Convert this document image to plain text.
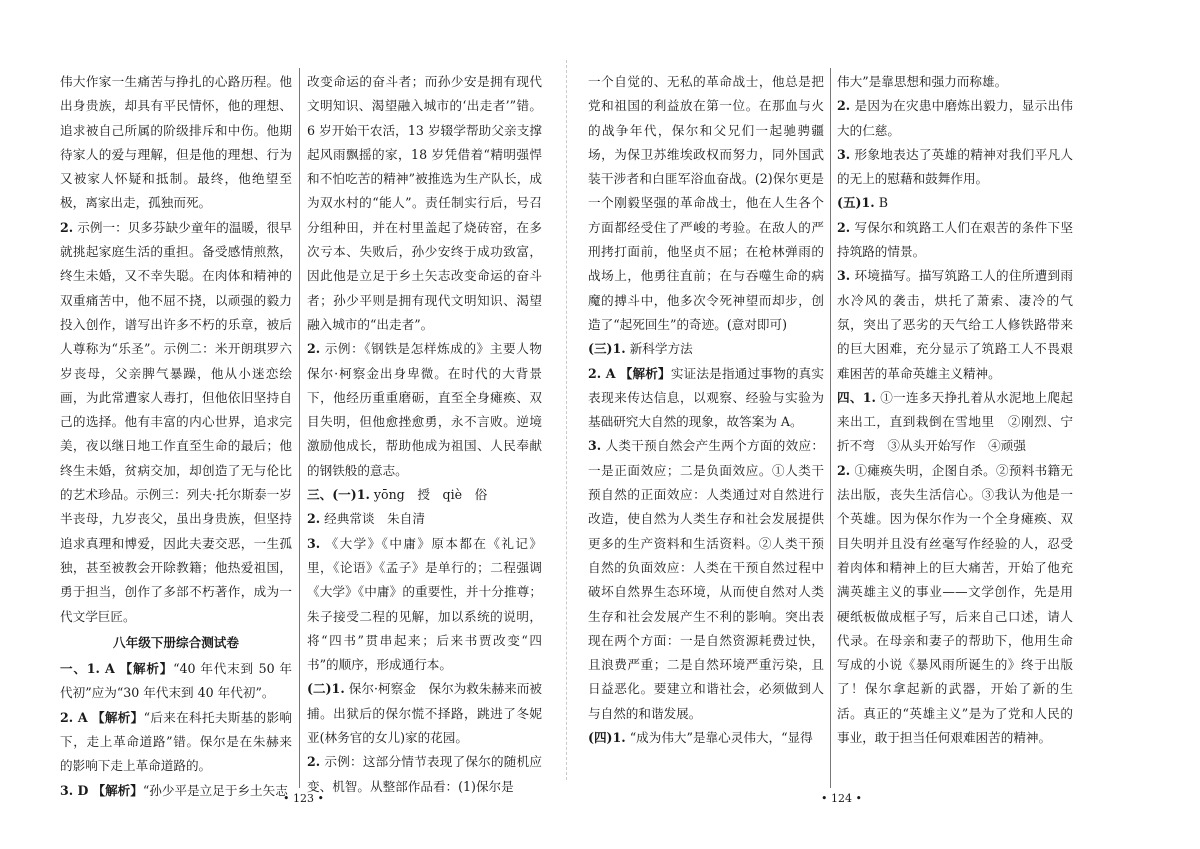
伟大作家一生痛苦与挣扎的心路历程。他出身贵族，却具有平民情怀，他的理想、追求被自己所属的阶级排斥和中伤。他期待家人的爱与理解，但是他的理想、行为又被家人怀疑和抵制。最终，他绝望至极，离家出走，孤独而死。

2. 示例一：贝多芬缺少童年的温暖，很早就挑起家庭生活的重担。备受感情煎熬，终生未婚，又不幸失聪。在肉体和精神的双重痛苦中，他不屈不挠，以顽强的毅力投入创作，谱写出许多不朽的乐章，被后人尊称为“乐圣”。示例二：米开朗琪罗六岁丧母，父亲脾气暴躁，他从小迷恋绘画，为此常遭家人毒打，但他依旧坚持自己的选择。他有丰富的内心世界，追求完美，夜以继日地工作直至生命的最后；他终生未婚，贫病交加，却创造了无与伦比的艺术珍品。示例三：列夫·托尔斯泰一岁半丧母，九岁丧父，虽出身贵族，但坚持追求真理和博爱，因此夫妻交恶，一生孤独，甚至被教会开除教籍；他热爱祖国，勇于担当，创作了多部不朽著作，成为一代文学巨匠。

八年级下册综合测试卷

一、1. A 【解析】“40 年代末到 50 年代初”应为“30 年代末到 40 年代初”。

2. A 【解析】“后来在科托夫斯基的影响下，走上革命道路”错。保尔是在朱赫来的影响下走上革命道路的。

3. D 【解析】“孙少平是立足于乡土矢志

改变命运的奋斗者；而孙少安是拥有现代文明知识、渴望融入城市的‘出走者’”错。6 岁开始干农活，13 岁辍学帮助父亲支撑起风雨飘摇的家，18 岁凭借着“精明强悍和不怕吃苦的精神”被推选为生产队长，成为双水村的“能人”。责任制实行后，号召分组种田，并在村里盖起了烧砖窑，在多次亏本、失败后，孙少安终于成功致富，因此他是立足于乡土矢志改变命运的奋斗者；孙少平则是拥有现代文明知识、渴望融入城市的“出走者”。

2. 示例：《钢铁是怎样炼成的》主要人物保尔·柯察金出身卑微。在时代的大背景下，他经历重重磨砺，直至全身瘫痪、双目失明，但他愈挫愈勇，永不言败。逆境激励他成长，帮助他成为祖国、人民奉献的钢铁般的意志。

三、(一)1. yōng　授　qiè　俗

2. 经典常谈　朱自清

3. 《大学》《中庸》原本都在《礼记》里，《论语》《孟子》是单行的；二程强调《大学》《中庸》的重要性，并十分推尊；朱子接受二程的见解，加以系统的说明，将“四书”贯串起来；后来书贾改变“四书”的顺序，形成通行本。

(二)1. 保尔·柯察金　保尔为救朱赫来而被捕。出狱后的保尔慌不择路，跳进了冬妮亚(林务官的女儿)家的花园。

2. 示例：这部分情节表现了保尔的随机应变、机智。从整部作品看：(1)保尔是

一个自觉的、无私的革命战士，他总是把党和祖国的利益放在第一位。在那血与火的战争年代，保尔和父兄们一起驰骋疆场，为保卫苏维埃政权而努力，同外国武装干涉者和白匪军浴血奋战。(2)保尔更是一个刚毅坚强的革命战士，他在人生各个方面都经受住了严峻的考验。在敌人的严刑拷打面前，他坚贞不屈；在枪林弹雨的战场上，他勇往直前；在与吞噬生命的病魔的搏斗中，他多次令死神望而却步，创造了“起死回生”的奇迹。(意对即可)

(三)1. 新科学方法

2. A 【解析】实证法是指通过事物的真实表现来传达信息，以观察、经验与实验为基础研究大自然的现象，故答案为 A。

3. 人类干预自然会产生两个方面的效应：一是正面效应；二是负面效应。①人类干预自然的正面效应：人类通过对自然进行改造，使自然为人类生存和社会发展提供更多的生产资料和生活资料。②人类干预自然的负面效应：人类在干预自然过程中破坏自然界生态环境，从而使自然对人类生存和社会发展产生不利的影响。突出表现在两个方面：一是自然资源耗费过快，且浪费严重；二是自然环境严重污染，且日益恶化。要建立和谐社会，必须做到人与自然的和谐发展。

(四)1. “成为伟大”是靠心灵伟大，“显得

伟大”是靠思想和强力而称雄。

2. 是因为在灾患中磨炼出毅力，显示出伟大的仁慈。

3. 形象地表达了英雄的精神对我们平凡人的无上的慰藉和鼓舞作用。

(五)1. B

2. 写保尔和筑路工人们在艰苦的条件下坚持筑路的情景。

3. 环境描写。描写筑路工人的住所遭到雨水冷风的袭击，烘托了萧索、凄冷的气氛，突出了恶劣的天气给工人修铁路带来的巨大困难，充分显示了筑路工人不畏艰难困苦的革命英雄主义精神。

四、1. ①一连多天挣扎着从水泥地上爬起来出工，直到栽倒在雪地里　②刚烈、宁折不弯　③从头开始写作　④顽强

2. ①瘫痪失明，企图自杀。②预料书籍无法出版，丧失生活信心。③我认为他是一个英雄。因为保尔作为一个全身瘫痪、双目失明并且没有丝毫写作经验的人，忍受着肉体和精神上的巨大痛苦，开始了他充满英雄主义的事业——文学创作，先是用硬纸板做成框子写，后来自己口述，请人代录。在母亲和妻子的帮助下，他用生命写成的小说《暴风雨所诞生的》终于出版了！保尔拿起新的武器，开始了新的生活。真正的“英雄主义”是为了党和人民的事业，敢于担当任何艰难困苦的精神。

• 123 •	• 124 •
